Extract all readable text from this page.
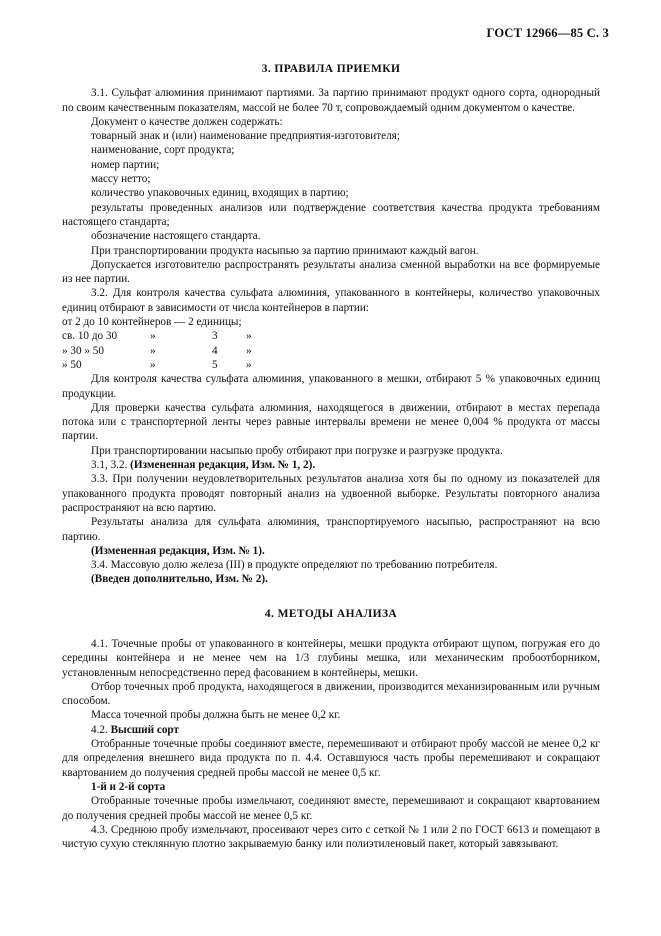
ГОСТ 12966—85 С. 3
3. ПРАВИЛА ПРИЕМКИ

3.1. Сульфат алюминия принимают партиями. За партию принимают продукт одного сорта, однородный по своим качественным показателям, массой не более 70 т, сопровождаемый одним документом о качестве.

Документ о качестве должен содержать:

товарный знак и (или) наименование предприятия-изготовителя;

наименование, сорт продукта;

номер партии;

массу нетто;

количество упаковочных единиц, входящих в партию;

результаты проведенных анализов или подтверждение соответствия качества продукта требованиям настоящего стандарта;

обозначение настоящего стандарта.

При транспортировании продукта насыпью за партию принимают каждый вагон.

Допускается изготовителю распространять результаты анализа сменной выработки на все формируемые из нее партии.

3.2. Для контроля качества сульфата алюминия, упакованного в контейнеры, количество упаковочных единиц отбирают в зависимости от числа контейнеров в партии:

от 2 до 10 контейнеров — 2 единицы;			
св. 10 до 30	»	3	»
» 30 » 50	»	4	»
» 50	»	5	»

Для контроля качества сульфата алюминия, упакованного в мешки, отбирают 5 % упаковочных единиц продукции.

Для проверки качества сульфата алюминия, находящегося в движении, отбирают в местах перепада потока или с транспортерной ленты через равные интервалы времени не менее 0,004 % продукта от массы партии.

При транспортировании насыпью пробу отбирают при погрузке и разгрузке продукта.

3.1, 3.2. (Измененная редакция, Изм. № 1, 2).

3.3. При получении неудовлетворительных результатов анализа хотя бы по одному из показателей для упакованного продукта проводят повторный анализ на удвоенной выборке. Результаты повторного анализа распространяют на всю партию.

Результаты анализа для сульфата алюминия, транспортируемого насыпью, распространяют на всю партию.

(Измененная редакция, Изм. № 1).

3.4. Массовую долю железа (III) в продукте определяют по требованию потребителя.

(Введен дополнительно, Изм. № 2).

4. МЕТОДЫ АНАЛИЗА

4.1. Точечные пробы от упакованного в контейнеры, мешки продукта отбирают щупом, погружая его до середины контейнера и не менее чем на 1/3 глубины мешка, или механическим пробоотборником, установленным непосредственно перед фасованием в контейнеры, мешки.

Отбор точечных проб продукта, находящегося в движении, производится механизированным или ручным способом.

Масса точечной пробы должна быть не менее 0,2 кг.

4.2. Высший сорт

Отобранные точечные пробы соединяют вместе, перемешивают и отбирают пробу массой не менее 0,2 кг для определения внешнего вида продукта по п. 4.4. Оставшуюся часть пробы перемешивают и сокращают квартованием до получения средней пробы массой не менее 0,5 кг.

1-й и 2-й сорта

Отобранные точечные пробы измельчают, соединяют вместе, перемешивают и сокращают квартованием до получения средней пробы массой не менее 0,5 кг.

4.3. Среднюю пробу измельчают, просеивают через сито с сеткой № 1 или 2 по ГОСТ 6613 и помещают в чистую сухую стеклянную плотно закрываемую банку или полиэтиленовый пакет, который завязывают.
